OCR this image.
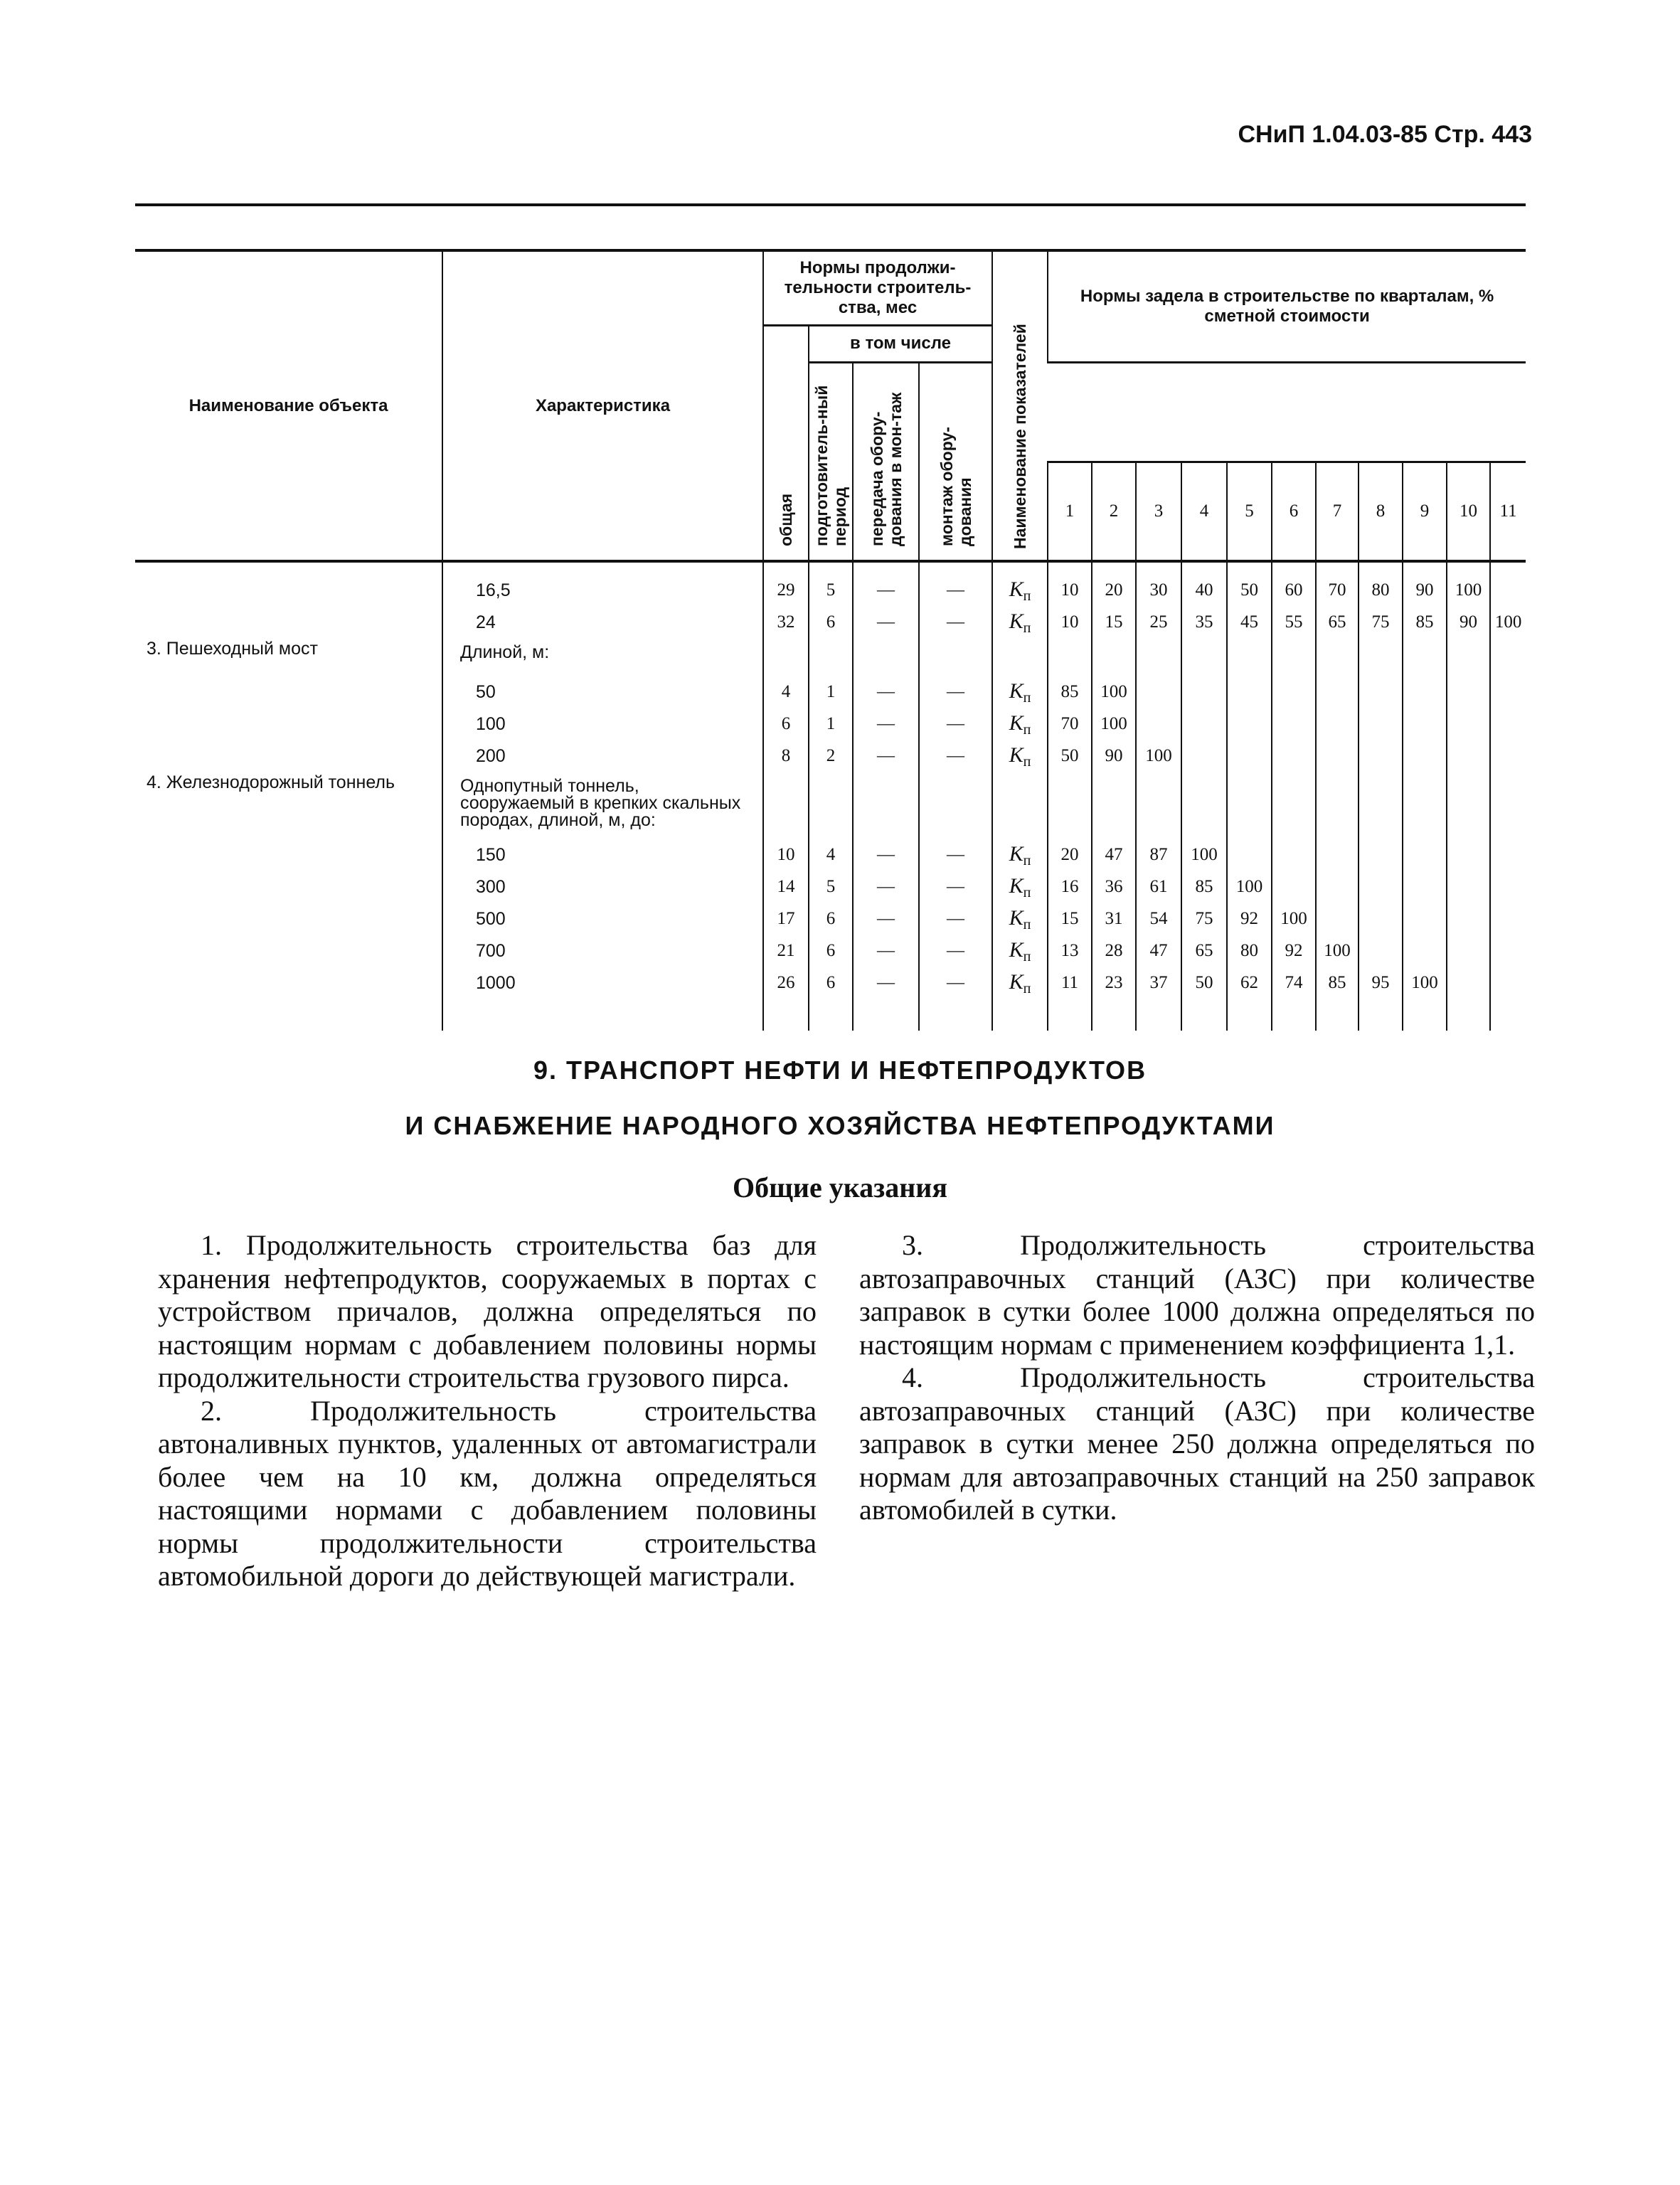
СНиП 1.04.03-85 Стр. 443
Наименование объекта	Характеристика	Нормы продолжи-тельности строитель-ства, мес				Наименование показателей	Нормы задела в строительстве по кварталам, % сметной стоимости										
		общая	в том числе														
			подготовитель-ный период	передача обору-дования в мон-таж	монтаж обору-дования												
							1	2	3	4	5	6	7	8	9	10	11
	16,5	29	5	—	—	$К_п$	10	20	30	40	50	60	70	80	90	100	
	24	32	6	—	—	$К_п$	10	15	25	35	45	55	65	75	85	90	100
3. Пешеходный мост	Длиной, м:																
	50	4	1	—	—	$К_п$	85	100									
	100	6	1	—	—	$К_п$	70	100									
	200	8	2	—	—	$К_п$	50	90	100								
4. Железнодорожный тоннель	Однопутный тоннель, сооружаемый в крепких скальных породах, длиной, м, до:																
	150	10	4	—	—	$К_п$	20	47	87	100							
	300	14	5	—	—	$К_п$	16	36	61	85	100						
	500	17	6	—	—	$К_п$	15	31	54	75	92	100					
	700	21	6	—	—	$К_п$	13	28	47	65	80	92	100				
	1000	26	6	—	—	$К_п$	11	23	37	50	62	74	85	95	100		

9. ТРАНСПОРТ НЕФТИ И НЕФТЕПРОДУКТОВ
И СНАБЖЕНИЕ НАРОДНОГО ХОЗЯЙСТВА НЕФТЕПРОДУКТАМИ
Общие указания

1. Продолжительность строительства баз для хранения нефтепродуктов, сооружаемых в портах с устройством причалов, должна определяться по настоящим нормам с добавлением половины нормы продолжительности строительства грузового пирса.

2. Продолжительность строительства автоналивных пунктов, удаленных от автомагистрали более чем на 10 км, должна определяться настоящими нормами с добавлением половины нормы продолжительности строительства автомобильной дороги до действующей магистрали.

3. Продолжительность строительства автозаправочных станций (АЗС) при количестве заправок в сутки более 1000 должна определяться по настоящим нормам с применением коэффициента 1,1.

4. Продолжительность строительства автозаправочных станций (АЗС) при количестве заправок в сутки менее 250 должна определяться по нормам для автозаправочных станций на 250 заправок автомобилей в сутки.
